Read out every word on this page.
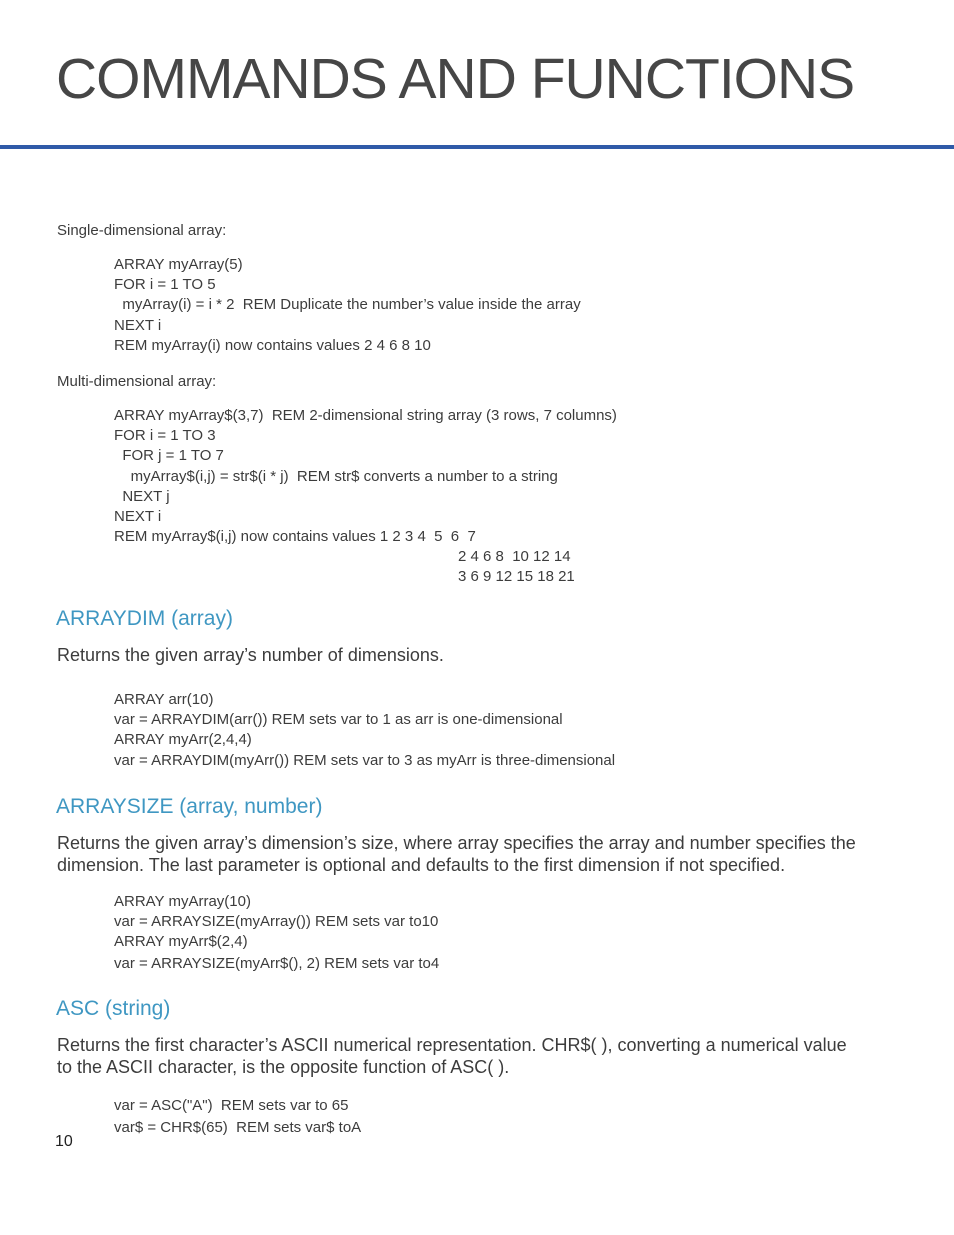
COMMANDS AND FUNCTIONS

Single-dimensional array:

ARRAY myArray(5)
FOR i = 1 TO 5
myArray(i) = i * 2  REM Duplicate the number’s value inside the array
NEXT i
REM myArray(i) now contains values 2 4 6 8 10

Multi-dimensional array:

ARRAY myArray$(3,7)  REM 2-dimensional string array (3 rows, 7 columns)
FOR i = 1 TO 3
FOR j = 1 TO 7
myArray$(i,j) = str$(i * j)  REM str$ converts a number to a string
NEXT j
NEXT i
REM myArray$(i,j) now contains values 1 2 3 4  5  6  7
2 4 6 8  10 12 14
3 6 9 12 15 18 21
ARRAYDIM (array)

Returns the given array’s number of dimensions.

ARRAY arr(10)
var = ARRAYDIM(arr()) REM sets var to 1 as arr is one-dimensional
ARRAY myArr(2,4,4)
var = ARRAYDIM(myArr()) REM sets var to 3 as myArr is three-dimensional
ARRAYSIZE (array, number)
Returns the given array’s dimension’s size, where array specifies the array and number specifies the
dimension. The last parameter is optional and defaults to the first dimension if not specified.
ARRAY myArray(10)
var = ARRAYSIZE(myArray()) REM sets var to10
ARRAY myArr$(2,4)
var = ARRAYSIZE(myArr$(), 2) REM sets var to4
ASC (string)
Returns the first character’s ASCII numerical representation. CHR$( ), converting a numerical value
to the ASCII character, is the opposite function of ASC( ).
var = ASC("A")  REM sets var to 65
var$ = CHR$(65)  REM sets var$ toA
10
